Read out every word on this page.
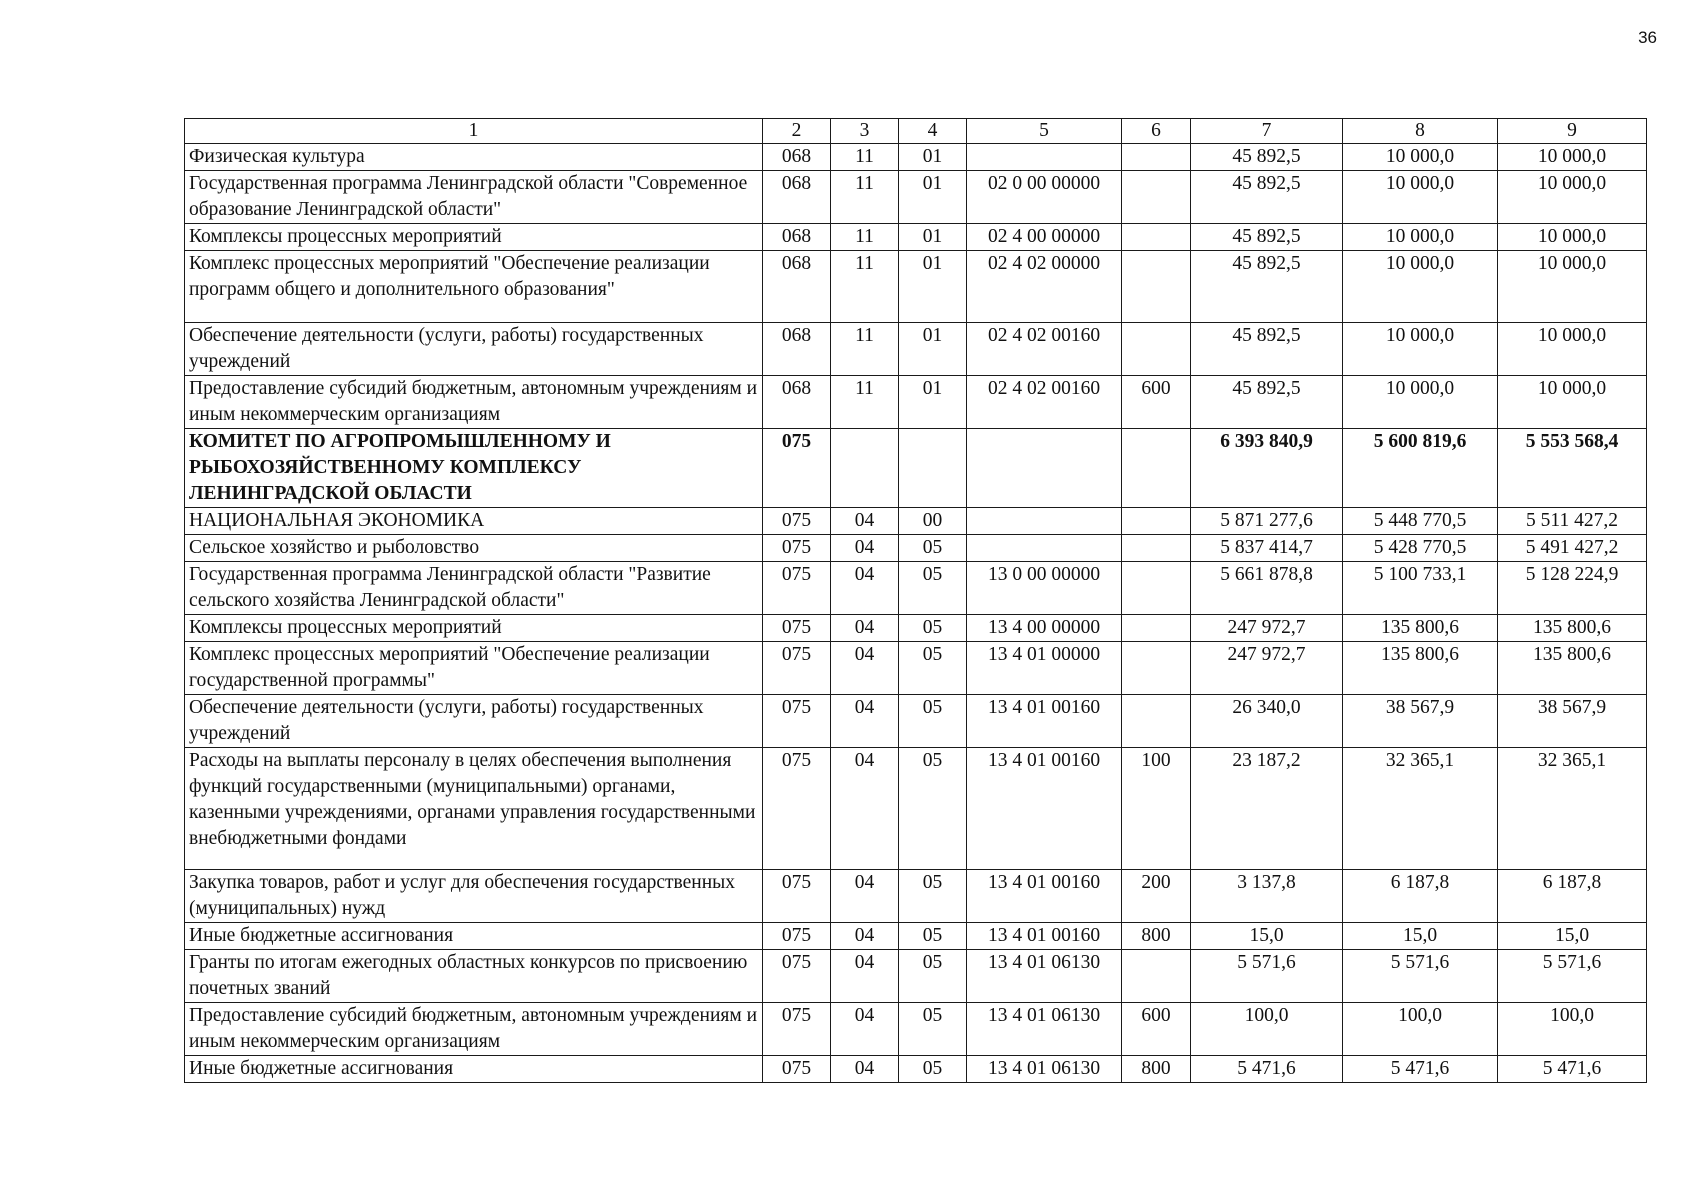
36
1	2	3	4	5	6	7	8	9
Физическая культура	068	11	01			45 892,5	10 000,0	10 000,0
Государственная программа Ленинградской области "Современное образование Ленинградской области"	068	11	01	02 0 00 00000		45 892,5	10 000,0	10 000,0
Комплексы процессных мероприятий	068	11	01	02 4 00 00000		45 892,5	10 000,0	10 000,0
Комплекс процессных мероприятий "Обеспечение реализации программ общего и дополнительного образования"	068	11	01	02 4 02 00000		45 892,5	10 000,0	10 000,0
Обеспечение деятельности (услуги, работы) государственных учреждений	068	11	01	02 4 02 00160		45 892,5	10 000,0	10 000,0
Предоставление субсидий бюджетным, автономным учреждениям и иным некоммерческим организациям	068	11	01	02 4 02 00160	600	45 892,5	10 000,0	10 000,0
КОМИТЕТ ПО АГРОПРОМЫШЛЕННОМУ И РЫБОХОЗЯЙСТВЕННОМУ КОМПЛЕКСУ ЛЕНИНГРАДСКОЙ ОБЛАСТИ	075					6 393 840,9	5 600 819,6	5 553 568,4
НАЦИОНАЛЬНАЯ ЭКОНОМИКА	075	04	00			5 871 277,6	5 448 770,5	5 511 427,2
Сельское хозяйство и рыболовство	075	04	05			5 837 414,7	5 428 770,5	5 491 427,2
Государственная программа Ленинградской области "Развитие сельского хозяйства Ленинградской области"	075	04	05	13 0 00 00000		5 661 878,8	5 100 733,1	5 128 224,9
Комплексы процессных мероприятий	075	04	05	13 4 00 00000		247 972,7	135 800,6	135 800,6
Комплекс процессных мероприятий "Обеспечение реализации государственной программы"	075	04	05	13 4 01 00000		247 972,7	135 800,6	135 800,6
Обеспечение деятельности (услуги, работы) государственных учреждений	075	04	05	13 4 01 00160		26 340,0	38 567,9	38 567,9
Расходы на выплаты персоналу в целях обеспечения выполнения функций государственными (муниципальными) органами, казенными учреждениями, органами управления государственными внебюджетными фондами	075	04	05	13 4 01 00160	100	23 187,2	32 365,1	32 365,1
Закупка товаров, работ и услуг для обеспечения государственных (муниципальных) нужд	075	04	05	13 4 01 00160	200	3 137,8	6 187,8	6 187,8
Иные бюджетные ассигнования	075	04	05	13 4 01 00160	800	15,0	15,0	15,0
Гранты по итогам ежегодных областных конкурсов по присвоению почетных званий	075	04	05	13 4 01 06130		5 571,6	5 571,6	5 571,6
Предоставление субсидий бюджетным, автономным учреждениям и иным некоммерческим организациям	075	04	05	13 4 01 06130	600	100,0	100,0	100,0
Иные бюджетные ассигнования	075	04	05	13 4 01 06130	800	5 471,6	5 471,6	5 471,6
